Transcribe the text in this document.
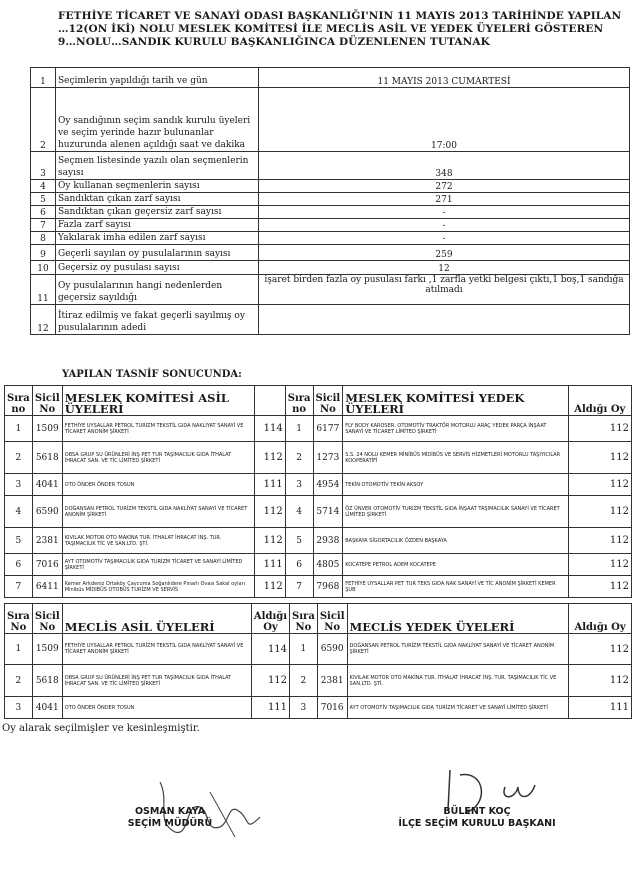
FETHİYE TİCARET VE SANAYİ ODASI BAŞKANLIĞI'NIN 11 MAYIS 2013 TARİHİNDE YAPILAN
…12(ON İKİ) NOLU MESLEK KOMİTESİ İLE MECLİS ASİL VE YEDEK ÜYELERİ GÖSTEREN
9…NOLU…SANDIK KURULU BAŞKANLIĞINCA DÜZENLENEN TUTANAK
1	Seçimlerin yapıldığı tarih ve gün	11 MAYIS 2013 CUMARTESİ
2	Oy sandığının seçim sandık kurulu üyeleri ve seçim yerinde hazır bulunanlar huzurunda alenen açıldığı saat ve dakika	17:00
3	Seçmen listesinde yazılı olan seçmenlerin sayısı	348
4	Oy kullanan seçmenlerin sayısı	272
5	Sandıktan çıkan zarf sayısı	271
6	Sandıktan çıkan geçersiz zarf sayısı	-
7	Fazla zarf sayısı	-
8	Yakılarak imha edilen zarf sayısı	-
9	Geçerli sayılan oy pusulalarının sayısı	259
10	Geçersiz oy pusulası sayısı	12
11	Oy pusulalarının hangi nedenlerden geçersiz sayıldığı	işaret birden fazla oy pusulası farkı ,1 zarfla yetki belgesi çıktı,1 boş,1 sandığa atılmadı
12	İtiraz edilmiş ve fakat geçerli sayılmış oy pusulalarının adedi	
YAPILAN TASNİF SONUCUNDA:
Sıra no	Sicil No	MESLEK KOMİTESİ ASİL ÜYELERİ		Sıra no	Sicil No	MESLEK KOMİTESİ YEDEK ÜYELERİ	Aldığı Oy
1	1509	FETHİYE UYSALLAR PETROL TURİZM TEKSTİL GIDA NAKLİYAT SANAYİ VE TİCARET ANONİM ŞİRKETİ	114	1	6177	FLY BODY KAROSER, OTOMOTİV TRAKTÖR MOTORLU ARAÇ YEDEK PARÇA İNŞAAT SANAYİ VE TİCARET LİMİTED ŞİRKETİ	112
2	5618	OBSA GRUP SU ÜRÜNLERİ İNŞ PET TUR TAŞIMACILIK GIDA İTHALAT İHRACAT SAN. VE TİC LİMİTED ŞİRKETİ	112	2	1273	S.S. 24 NOLU KEMER MİNİBÜS MİDİBÜS VE SERVİS HİZMETLERİ MOTORLU TAŞIYICILAR KOOPERATİFİ	112
3	4041	OTO ÖNDER ÖNDER TOSUN	111	3	4954	TEKİN OTOMOTİV TEKİN AKSOY	112
4	6590	DOĞANSAN PETROL TURİZM TEKSTİL GIDA NAKLİYAT SANAYİ VE TİCARET ANONİM ŞİRKETİ	112	4	5714	ÖZ ÜNVER OTOMOTİV TURİZM TEKSTİL GIDA İNŞAAT TAŞIMACILIK SANAYİ VE TİCARET LİMİTED ŞİRKETİ	112
5	2381	KIVILAK MOTOR OTO MAKİNA TUR. İTHALAT İHRACAT İNŞ. TUR. TAŞIMACILIK TİC VE SAN.LTD. ŞTİ.	112	5	2938	BAŞKAYA SİGORTACILIK ÖZDEN BAŞKAYA	112
6	7016	AYT OTOMOTİV TAŞIMACILIK GIDA TURİZM TİCARET VE SANAYİ LİMİTED ŞİRKETİ	111	6	4805	KOCATEPE PETROL ADEM KOCATEPE	112
7	6411	Kemer Arkdeniz Ortaköy Çaycuma Soğanlıdere Pınarlı Ovası Sakal oyları Minibüs MİDİBÜS OTOBÜS TURİZM VE SERVİS	112	7	7968	FETHİYE UYSALLAR PET TUR TEKS GIDA NAK SANAYİ VE TİC ANONİM ŞİRKETİ KEMER ŞUB	112
Sıra No	Sicil No	MECLİS ASİL ÜYELERİ	Aldığı Oy	Sıra No	Sicil No	MECLİS YEDEK ÜYELERİ	Aldığı Oy
1	1509	FETHİYE UYSALLAR PETROL TURİZM TEKSTİL GIDA NAKLİYAT SANAYİ VE TİCARET ANONİM ŞİRKETİ	114	1	6590	DOĞANSAN PETROL TURİZM TEKSTİL GIDA NAKLİYAT SANAYİ VE TİCARET ANONİM ŞİRKETİ	112
2	5618	OBSA GRUP SU ÜRÜNLERİ İNŞ PET TUR TAŞIMACILIK GIDA İTHALAT İHRACAT SAN. VE TİC LİMİTED ŞİRKETİ	112	2	2381	KIVILAK MOTOR OTO MAKİNA TUR. İTHALAT İHRACAT İNŞ. TUR. TAŞIMACILIK TİC VE SAN.LTD. ŞTİ.	112
3	4041	OTO ÖNDER ÖNDER TOSUN	111	3	7016	AYT OTOMOTİV TAŞIMACILIK GIDA TURİZM TİCARET VE SANAYİ LİMİTED ŞİRKETİ	111
Oy alarak seçilmişler ve kesinleşmiştir.
OSMAN KAYA
SEÇİM MÜDÜRÜ
BÜLENT KOÇ
İLÇE SEÇİM KURULU BAŞKANI
